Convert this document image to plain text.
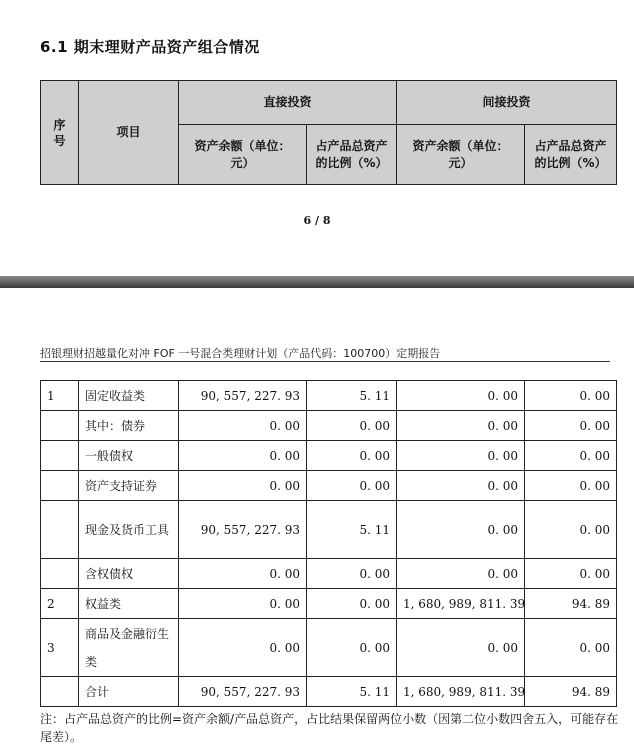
6.1 期末理财产品资产组合情况
序号	项目	直接投资		间接投资	
		资产余额（单位：元）	占产品总资产的比例（%）	资产余额（单位：元）	占产品总资产的比例（%）
6 / 8
招银理财招越量化对冲 FOF 一号混合类理财计划（产品代码：100700）定期报告
1	固定收益类	90, 557, 227. 93	5. 11	0. 00	0. 00
	其中：债券	0. 00	0. 00	0. 00	0. 00
	一般债权	0. 00	0. 00	0. 00	0. 00
	资产支持证券	0. 00	0. 00	0. 00	0. 00
	现金及货币工具	90, 557, 227. 93	5. 11	0. 00	0. 00
	含权债权	0. 00	0. 00	0. 00	0. 00
2	权益类	0. 00	0. 00	1, 680, 989, 811. 39	94. 89
3	商品及金融衍生类	0. 00	0. 00	0. 00	0. 00
	合计	90, 557, 227. 93	5. 11	1, 680, 989, 811. 39	94. 89
注：占产品总资产的比例=资产余额/产品总资产，占比结果保留两位小数（因第二位小数四舍五入，可能存在尾差）。
